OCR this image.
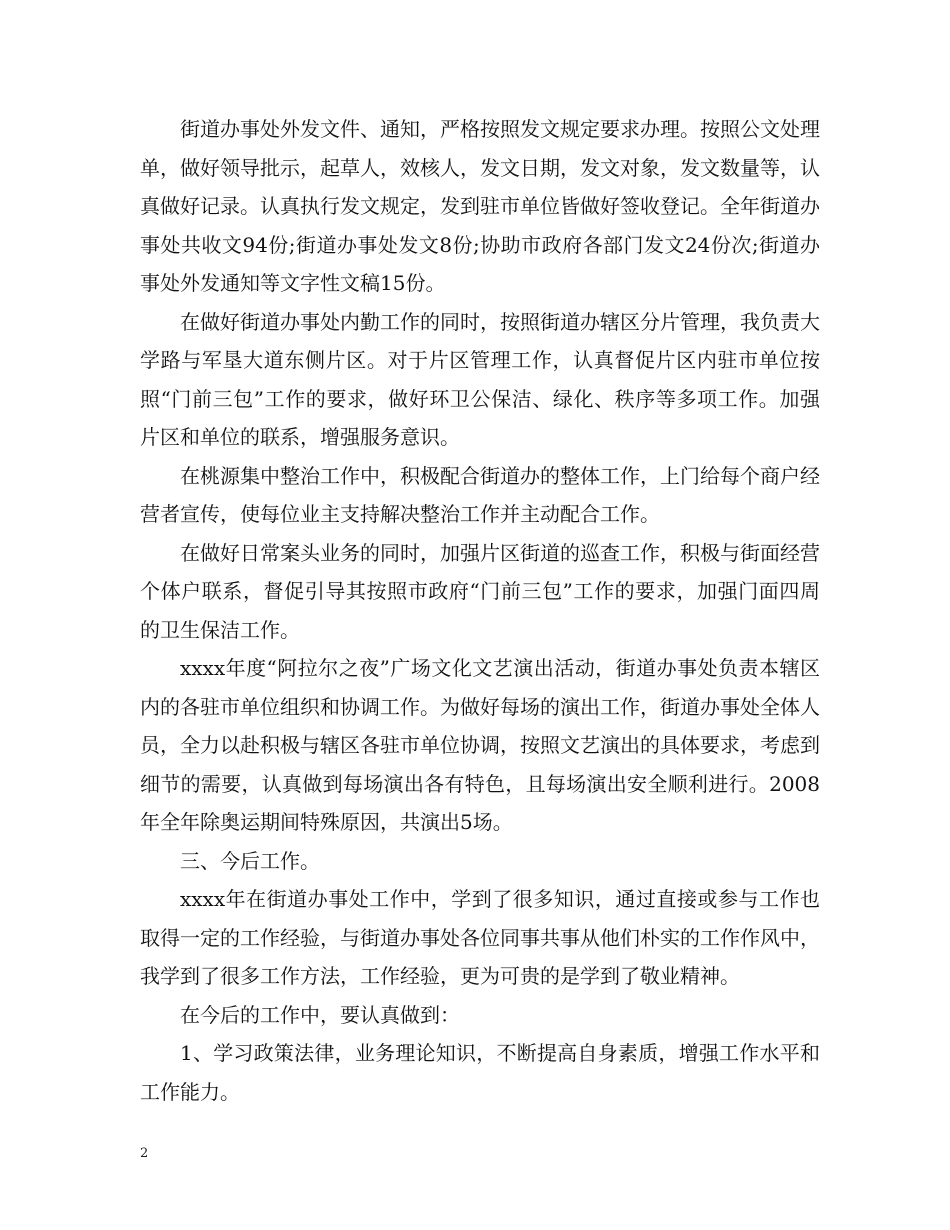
街道办事处外发文件、通知，严格按照发文规定要求办理。按照公文处理单，做好领导批示，起草人，效核人，发文日期，发文对象，发文数量等，认真做好记录。认真执行发文规定，发到驻市单位皆做好签收登记。全年街道办事处共收文94份;街道办事处发文8份;协助市政府各部门发文24份次;街道办事处外发通知等文字性文稿15份。

在做好街道办事处内勤工作的同时，按照街道办辖区分片管理，我负责大学路与军垦大道东侧片区。对于片区管理工作，认真督促片区内驻市单位按照“门前三包”工作的要求，做好环卫公保洁、绿化、秩序等多项工作。加强片区和单位的联系，增强服务意识。

在桃源集中整治工作中，积极配合街道办的整体工作，上门给每个商户经营者宣传，使每位业主支持解决整治工作并主动配合工作。

在做好日常案头业务的同时，加强片区街道的巡查工作，积极与街面经营个体户联系，督促引导其按照市政府“门前三包”工作的要求，加强门面四周的卫生保洁工作。

xxxx年度“阿拉尔之夜”广场文化文艺演出活动，街道办事处负责本辖区内的各驻市单位组织和协调工作。为做好每场的演出工作，街道办事处全体人员，全力以赴积极与辖区各驻市单位协调，按照文艺演出的具体要求，考虑到细节的需要，认真做到每场演出各有特色，且每场演出安全顺利进行。2008年全年除奥运期间特殊原因，共演出5场。

三、今后工作。

xxxx年在街道办事处工作中，学到了很多知识，通过直接或参与工作也取得一定的工作经验，与街道办事处各位同事共事从他们朴实的工作作风中，我学到了很多工作方法，工作经验，更为可贵的是学到了敬业精神。

在今后的工作中，要认真做到：

1、学习政策法律，业务理论知识，不断提高自身素质，增强工作水平和工作能力。

2
